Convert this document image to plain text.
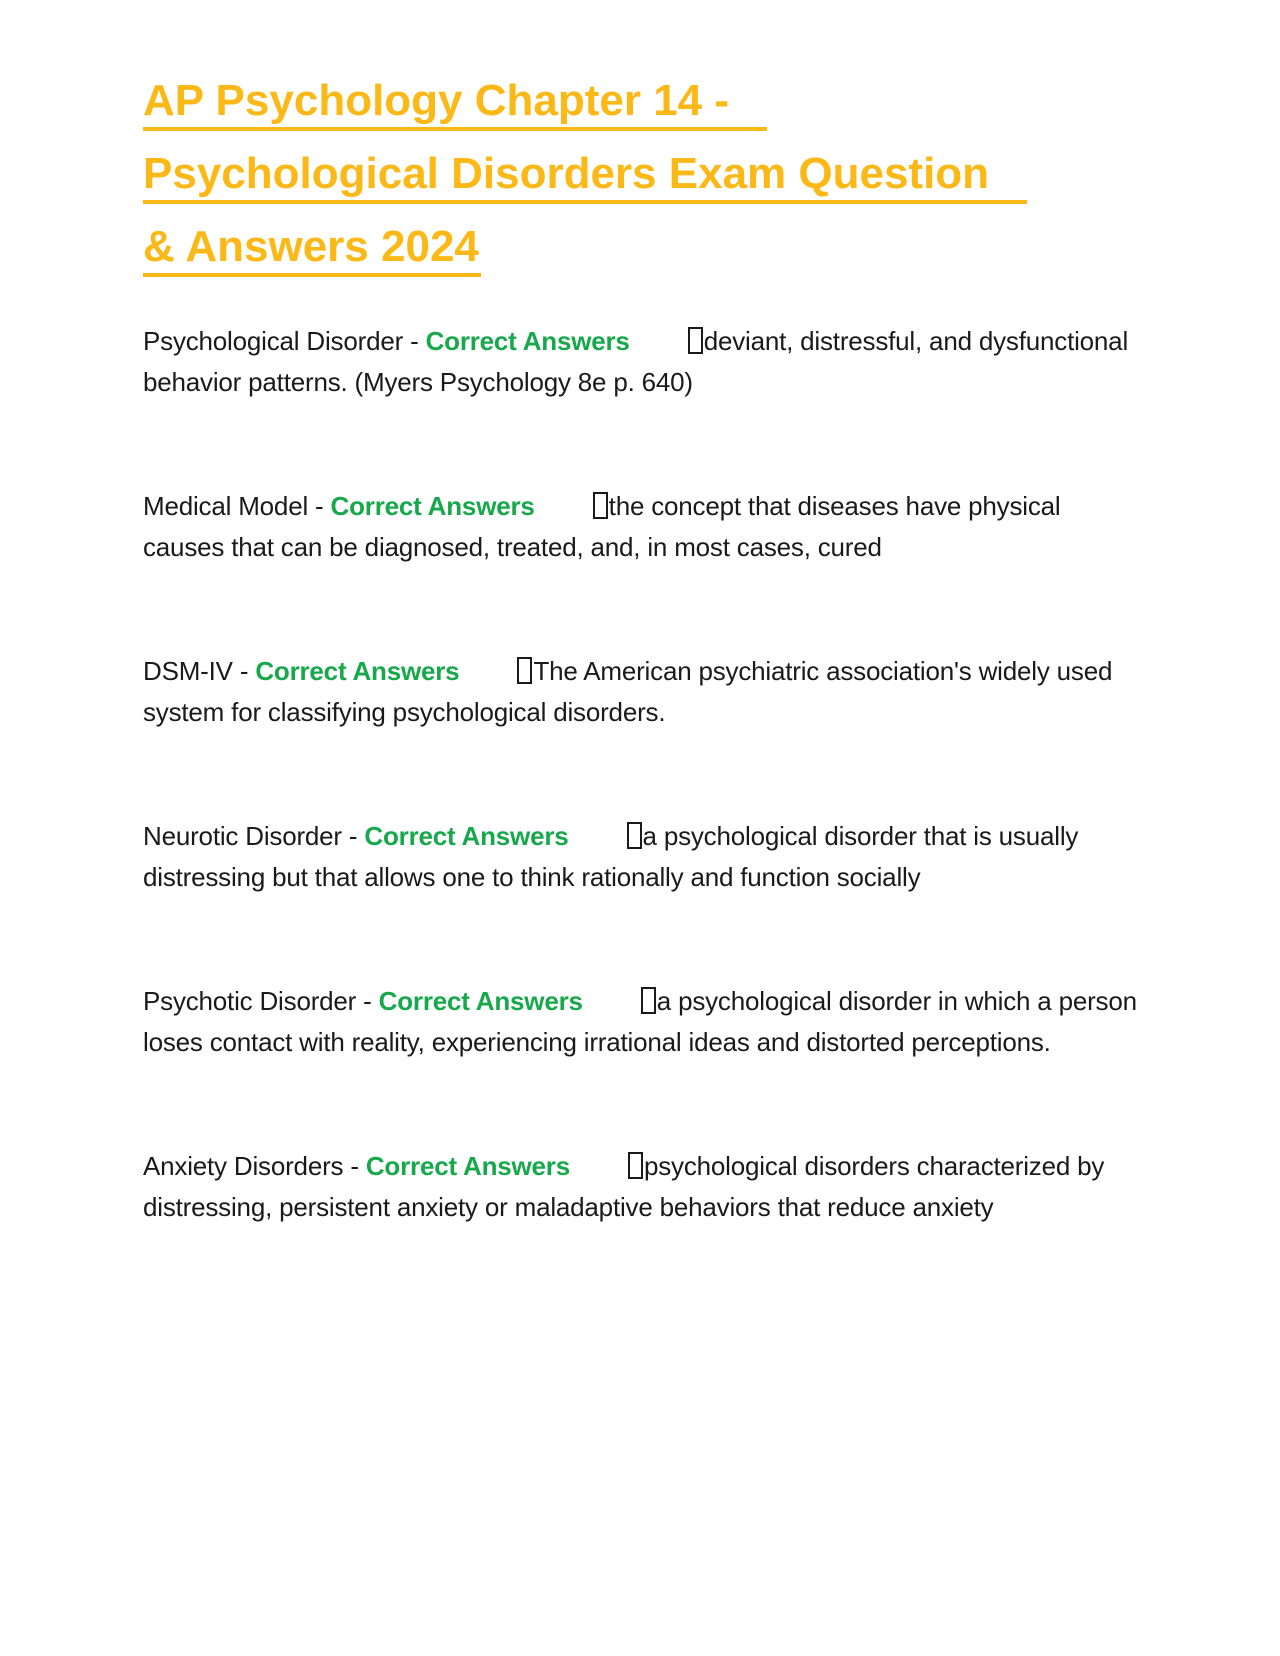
AP Psychology Chapter 14 -
Psychological Disorders Exam Question
& Answers 2024

Psychological Disorder - Correct Answers	deviant, distressful, and dysfunctional behavior patterns. (Myers Psychology 8e p. 640)

Medical Model - Correct Answers	the concept that diseases have physical causes that can be diagnosed, treated, and, in most cases, cured

DSM-IV - Correct Answers	The American psychiatric association's widely used system for classifying psychological disorders.

Neurotic Disorder - Correct Answers	a psychological disorder that is usually distressing but that allows one to think rationally and function socially

Psychotic Disorder - Correct Answers	a psychological disorder in which a person loses contact with reality, experiencing irrational ideas and distorted perceptions.

Anxiety Disorders - Correct Answers	psychological disorders characterized by distressing, persistent anxiety or maladaptive behaviors that reduce anxiety
